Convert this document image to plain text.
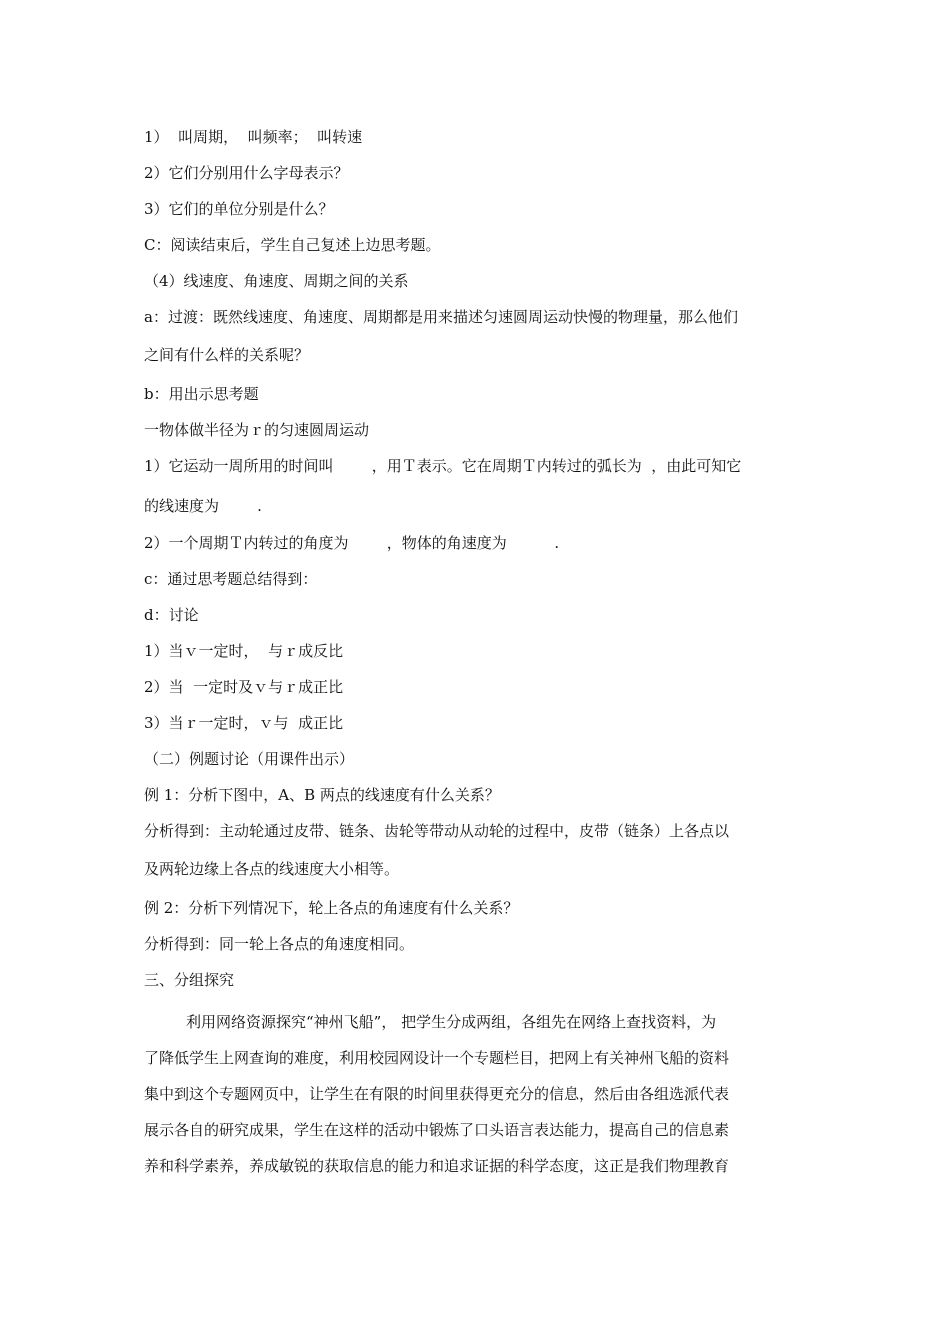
1）  叫周期，  叫频率；  叫转速
2）它们分别用什么字母表示？
3）它们的单位分别是什么？
C：阅读结束后，学生自己复述上边思考题。
（4）线速度、角速度、周期之间的关系
a：过渡：既然线速度、角速度、周期都是用来描述匀速圆周运动快慢的物理量，那么他们
之间有什么样的关系呢？
b：用出示思考题
一物体做半径为ｒ的匀速圆周运动
1）它运动一周所用的时间叫        ，用Ｔ表示。它在周期Ｔ内转过的弧长为  ，由此可知它
的线速度为        .
2）一个周期Ｔ内转过的角度为        ，物体的角速度为          .
c：通过思考题总结得到：
d：讨论
1）当ｖ一定时，  与ｒ成反比
2）当  一定时及ｖ与ｒ成正比
3）当ｒ一定时，ｖ与  成正比
（二）例题讨论（用课件出示）
例 1：分析下图中，A、B 两点的线速度有什么关系？
分析得到：主动轮通过皮带、链条、齿轮等带动从动轮的过程中，皮带（链条）上各点以
及两轮边缘上各点的线速度大小相等。
例 2：分析下列情况下，轮上各点的角速度有什么关系？
分析得到：同一轮上各点的角速度相同。
三、分组探究
利用网络资源探究“神州飞船”， 把学生分成两组，各组先在网络上查找资料，为
了降低学生上网查询的难度，利用校园网设计一个专题栏目，把网上有关神州飞船的资料
集中到这个专题网页中，让学生在有限的时间里获得更充分的信息，然后由各组选派代表
展示各自的研究成果，学生在这样的活动中锻炼了口头语言表达能力，提高自己的信息素
养和科学素养，养成敏锐的获取信息的能力和追求证据的科学态度，这正是我们物理教育
